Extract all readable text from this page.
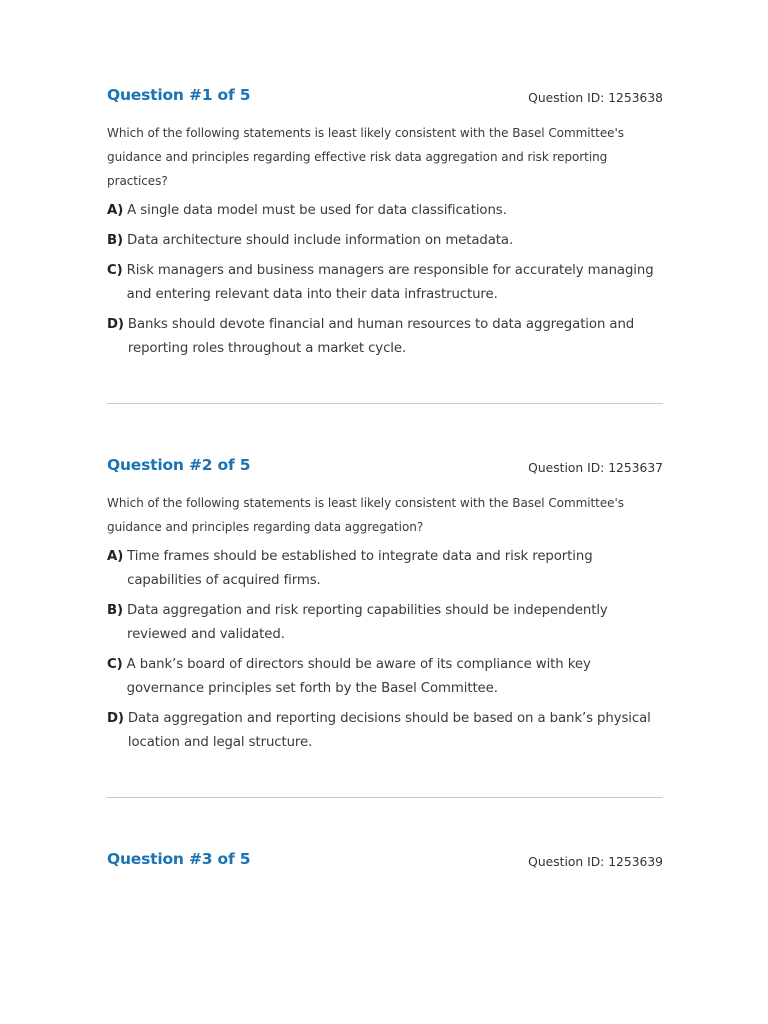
Question #1 of 5	Question ID: 1253638
Which of the following statements is least likely consistent with the Basel Committee's guidance and principles regarding effective risk data aggregation and risk reporting practices?
A) A single data model must be used for data classifications.
B) Data architecture should include information on metadata.
C) Risk managers and business managers are responsible for accurately managing and entering relevant data into their data infrastructure.
D) Banks should devote financial and human resources to data aggregation and reporting roles throughout a market cycle.
Question #2 of 5	Question ID: 1253637
Which of the following statements is least likely consistent with the Basel Committee's guidance and principles regarding data aggregation?
A) Time frames should be established to integrate data and risk reporting capabilities of acquired firms.
B) Data aggregation and risk reporting capabilities should be independently reviewed and validated.
C) A bank’s board of directors should be aware of its compliance with key governance principles set forth by the Basel Committee.
D) Data aggregation and reporting decisions should be based on a bank’s physical location and legal structure.
Question #3 of 5	Question ID: 1253639
